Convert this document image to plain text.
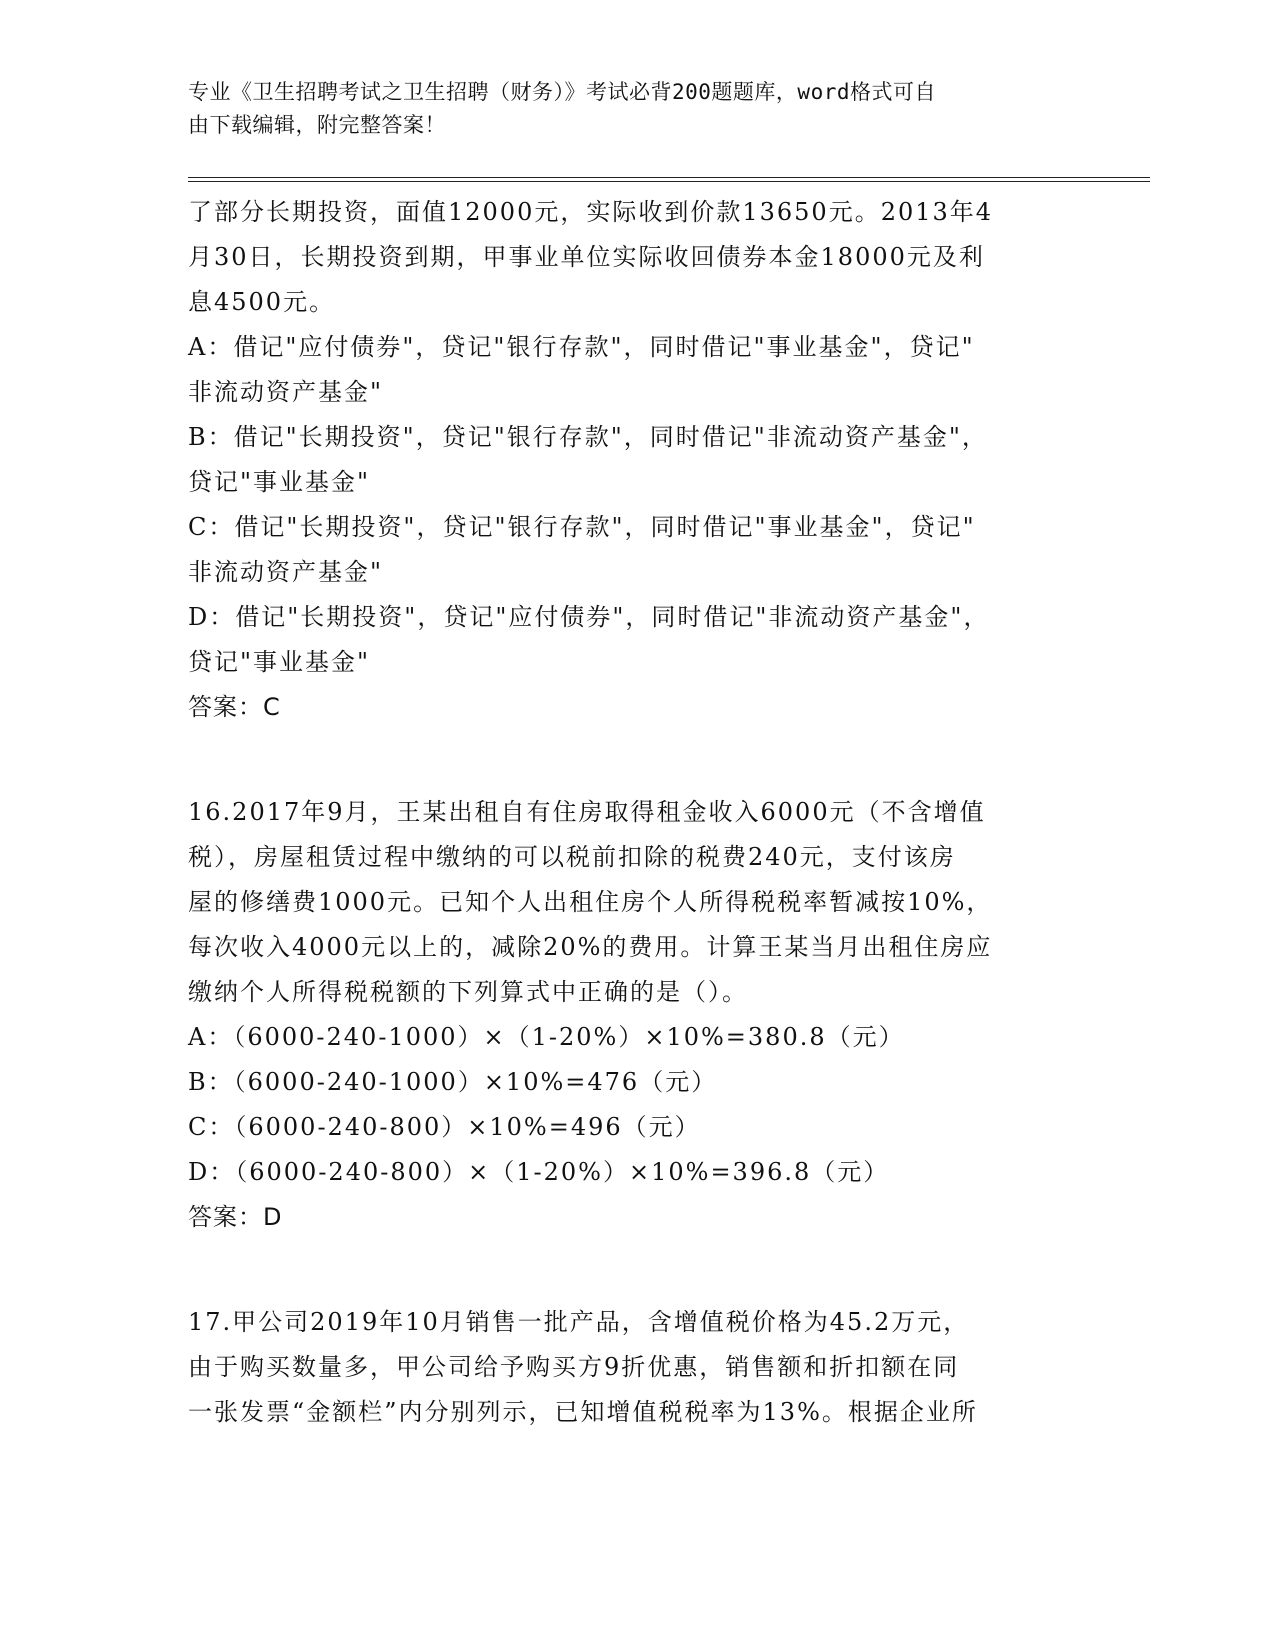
专业《卫生招聘考试之卫生招聘（财务）》考试必背200题题库，word格式可自
由下载编辑，附完整答案！

了部分长期投资，面值12000元，实际收到价款13650元。2013年4

月30日，长期投资到期，甲事业单位实际收回债券本金18000元及利

息4500元。

A：借记"应付债券"，贷记"银行存款"，同时借记"事业基金"，贷记"

非流动资产基金"

B：借记"长期投资"，贷记"银行存款"，同时借记"非流动资产基金"，

贷记"事业基金"

C：借记"长期投资"，贷记"银行存款"，同时借记"事业基金"，贷记"

非流动资产基金"

D：借记"长期投资"，贷记"应付债券"，同时借记"非流动资产基金"，

贷记"事业基金"

答案：C

16.2017年9月，王某出租自有住房取得租金收入6000元（不含增值

税），房屋租赁过程中缴纳的可以税前扣除的税费240元，支付该房

屋的修缮费1000元。已知个人出租住房个人所得税税率暂减按10%，

每次收入4000元以上的，减除20%的费用。计算王某当月出租住房应

缴纳个人所得税税额的下列算式中正确的是（）。

A：（6000-240-1000）×（1-20%）×10%=380.8（元）

B：（6000-240-1000）×10%=476（元）

C：（6000-240-800）×10%=496（元）

D：（6000-240-800）×（1-20%）×10%=396.8（元）

答案：D

17.甲公司2019年10月销售一批产品，含增值税价格为45.2万元，

由于购买数量多，甲公司给予购买方9折优惠，销售额和折扣额在同

一张发票“金额栏”内分别列示，已知增值税税率为13%。根据企业所
